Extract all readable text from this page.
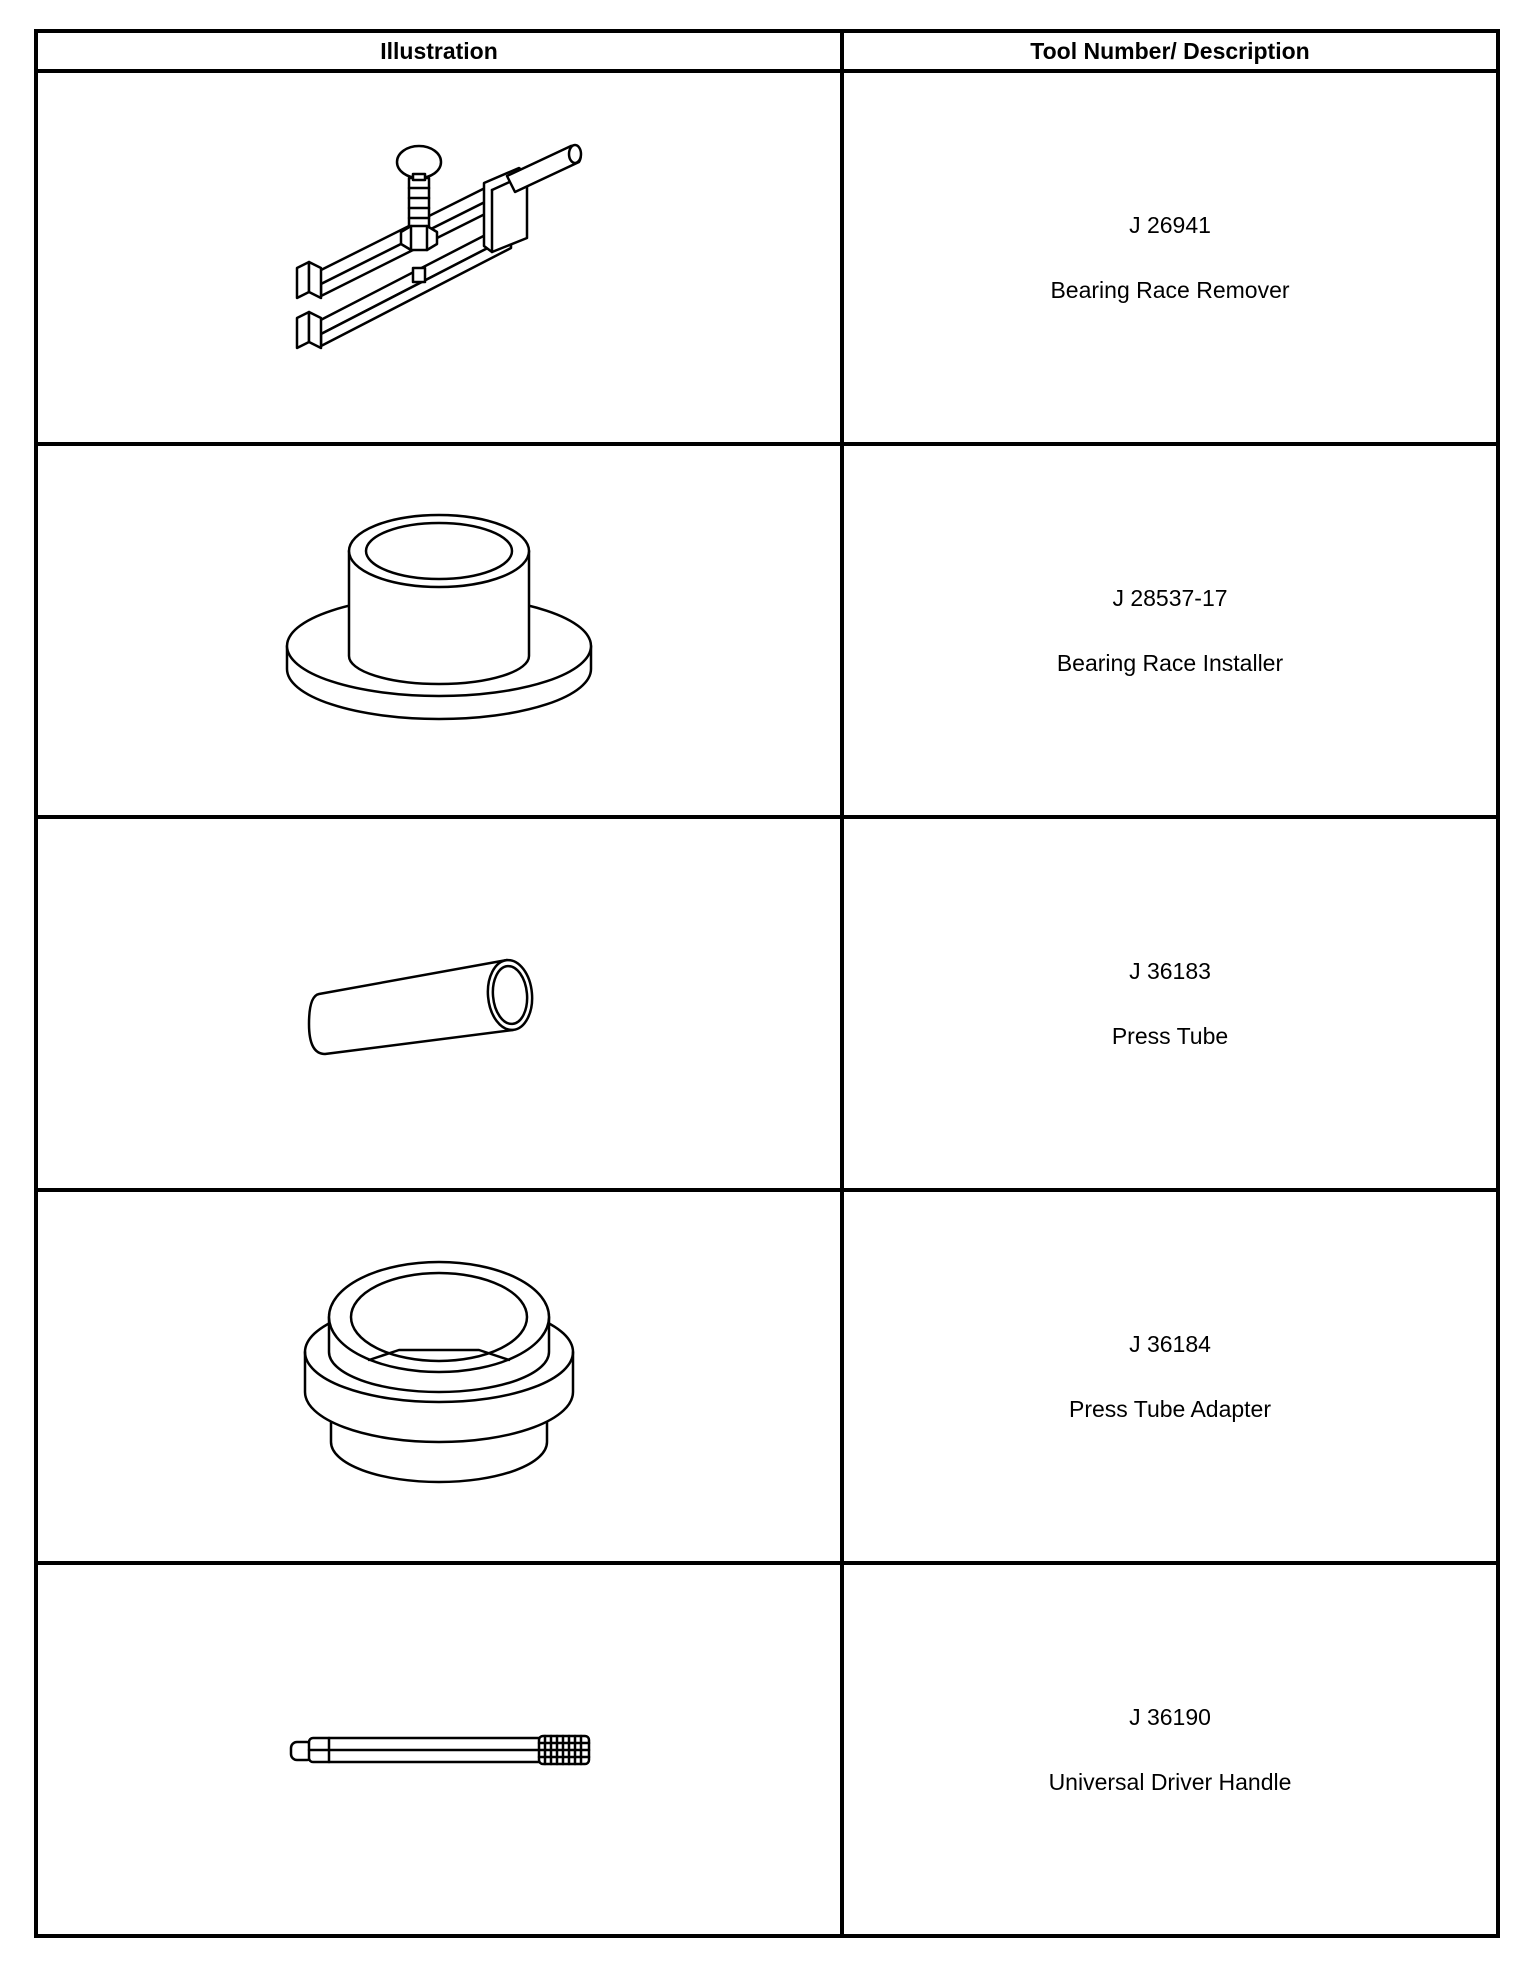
Illustration	Tool Number/ Description

J 26941
Bearing Race Remover

J 28537-17
Bearing Race Installer

J 36183
Press Tube

J 36184
Press Tube Adapter

J 36190
Universal Driver Handle
